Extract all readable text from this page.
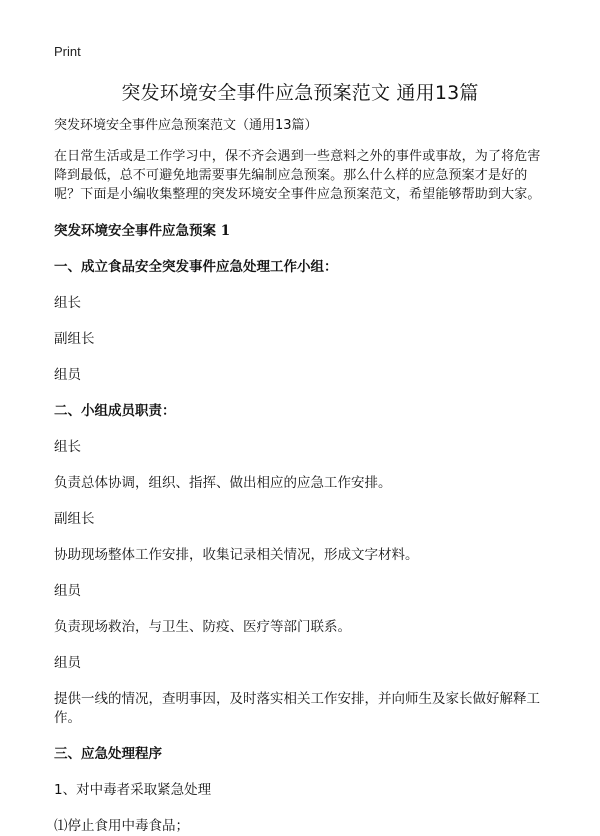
Print
突发环境安全事件应急预案范文 通用13篇

突发环境安全事件应急预案范文（通用13篇）

在日常生活或是工作学习中，保不齐会遇到一些意料之外的事件或事故，为了将危害降到最低，总不可避免地需要事先编制应急预案。那么什么样的应急预案才是好的呢？下面是小编收集整理的突发环境安全事件应急预案范文，希望能够帮助到大家。

突发环境安全事件应急预案 1

一、成立食品安全突发事件应急处理工作小组：

组长

副组长

组员

二、小组成员职责：

组长

负责总体协调，组织、指挥、做出相应的应急工作安排。

副组长

协助现场整体工作安排，收集记录相关情况，形成文字材料。

组员

负责现场救治，与卫生、防疫、医疗等部门联系。

组员

提供一线的情况，查明事因，及时落实相关工作安排，并向师生及家长做好解释工作。

三、应急处理程序

1、对中毒者采取紧急处理

⑴停止食用中毒食品；
